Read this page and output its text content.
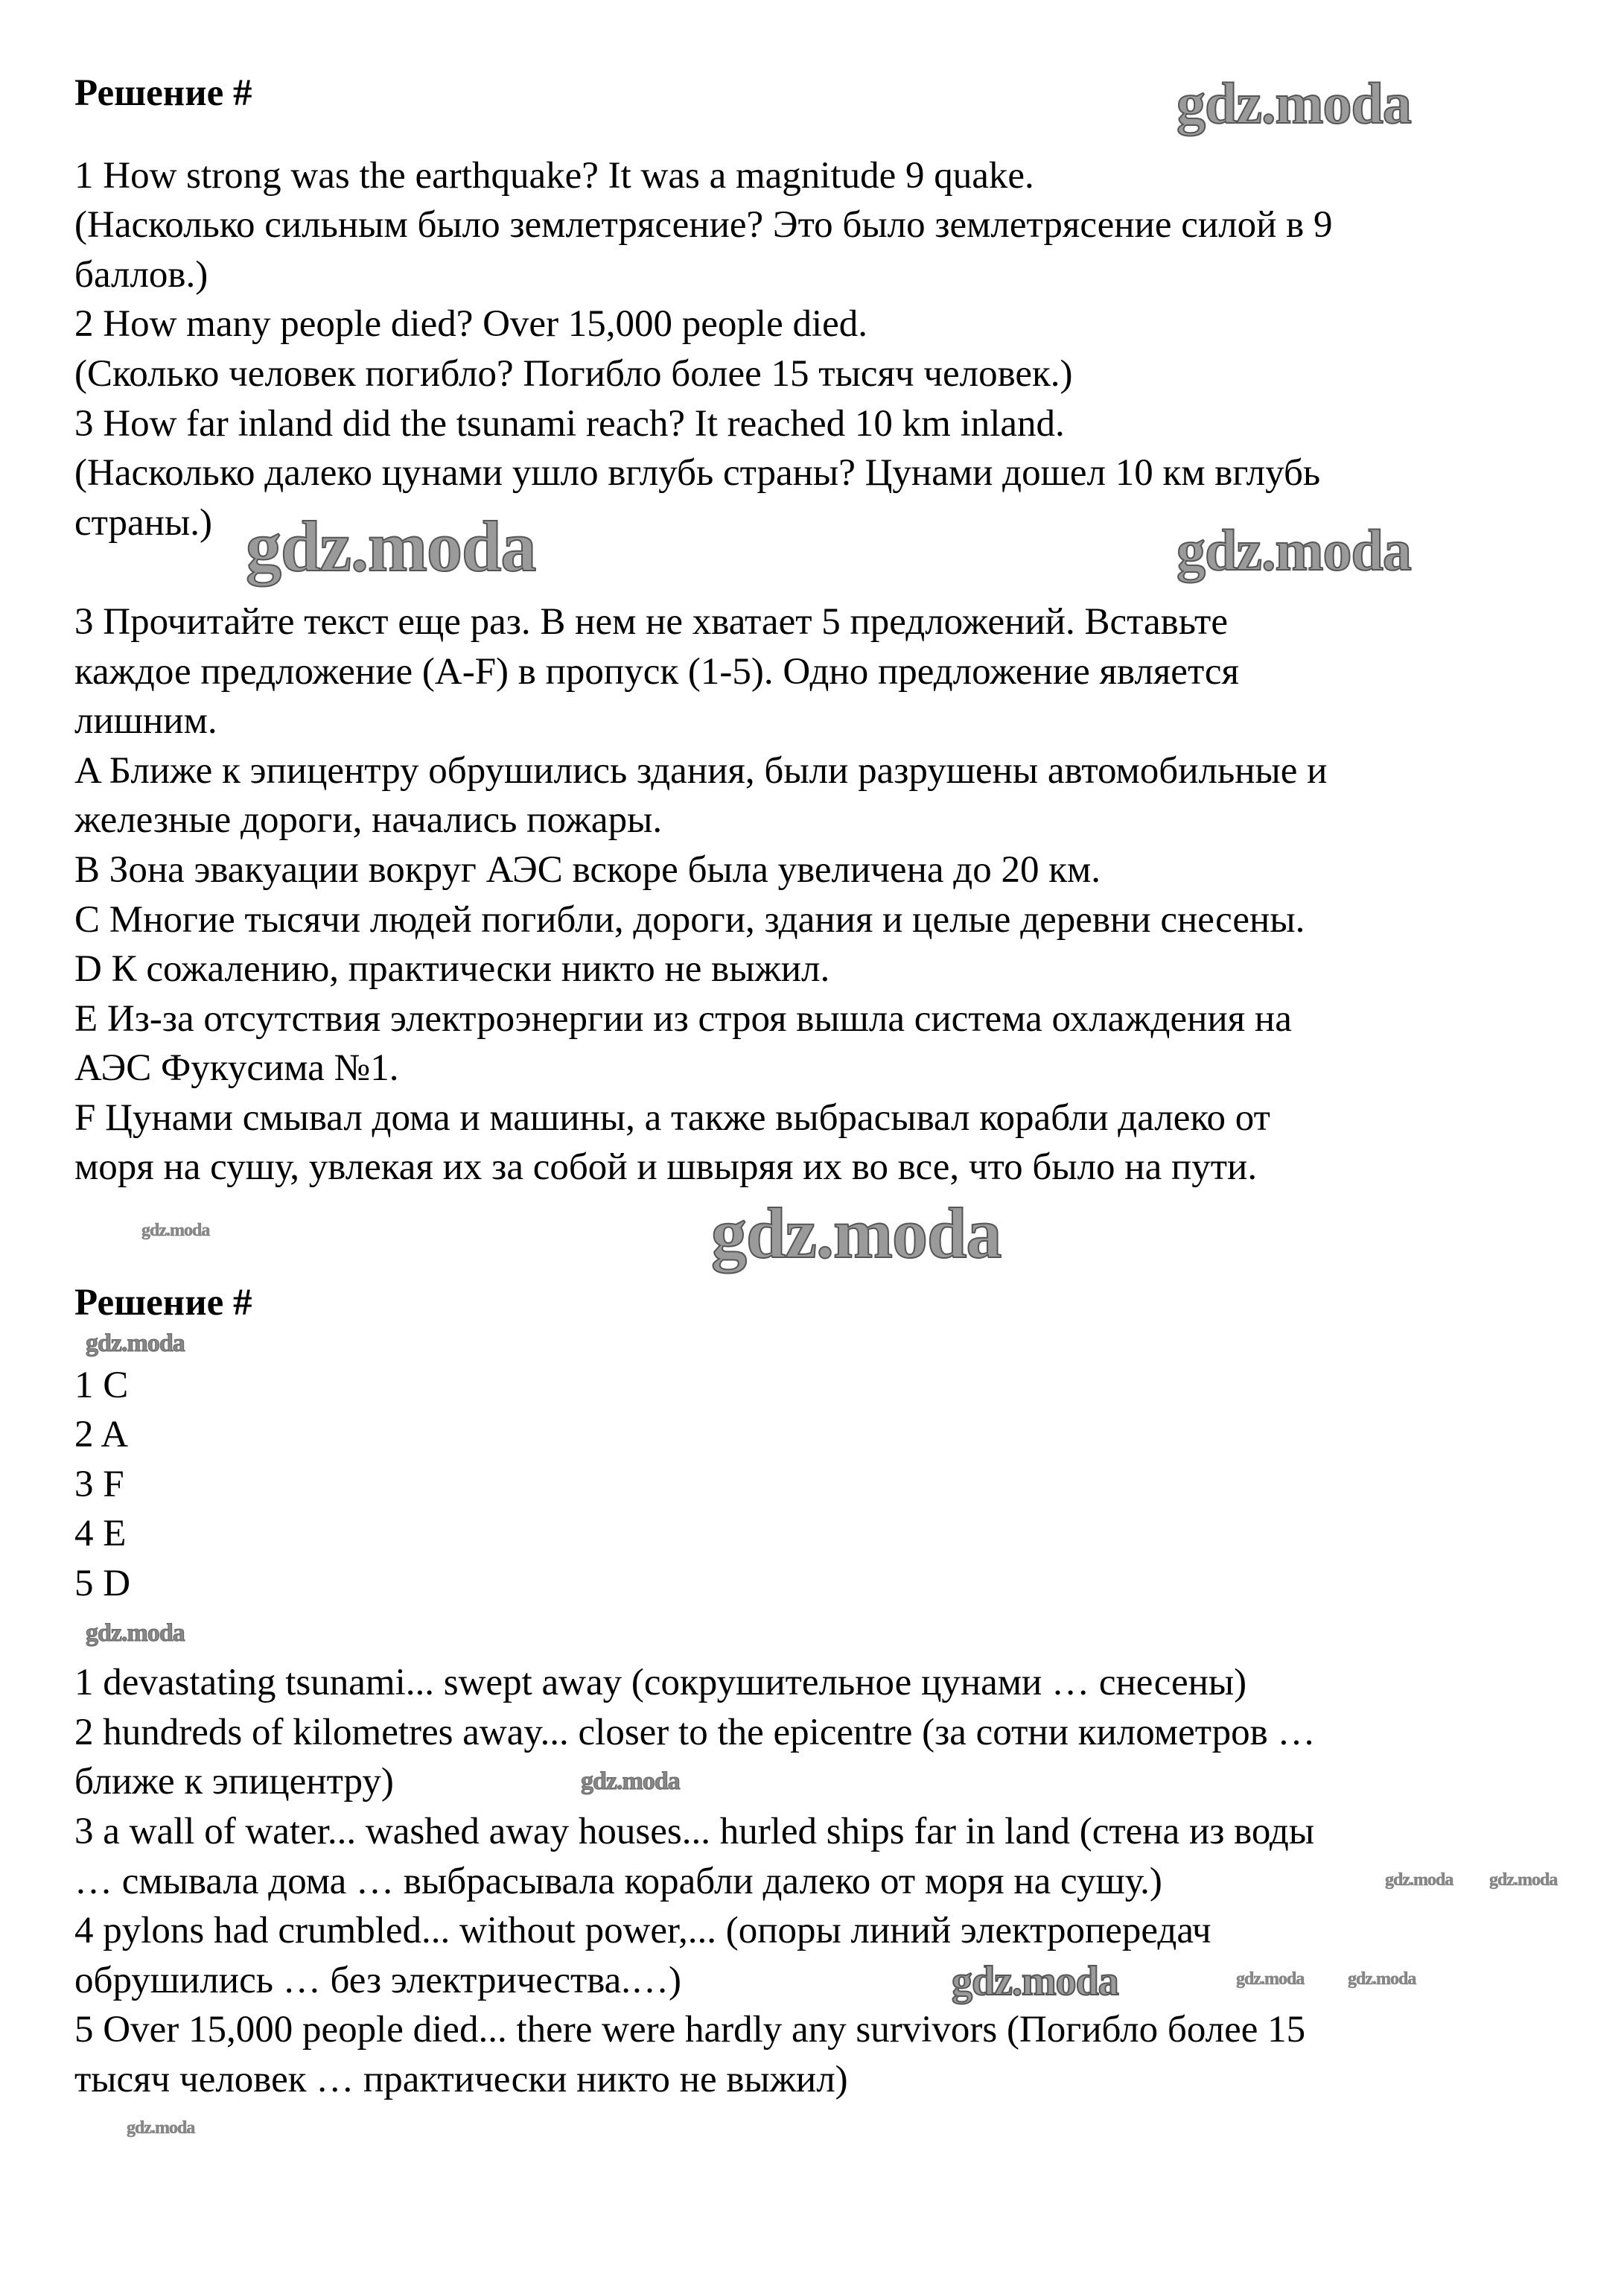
Решение #
1 How strong was the earthquake? It was a magnitude 9 quake.
(Насколько сильным было землетрясение? Это было землетрясение силой в 9
баллов.)
2 How many people died? Over 15,000 people died.
(Сколько человек погибло? Погибло более 15 тысяч человек.)
3 How far inland did the tsunami reach? It reached 10 km inland.
(Насколько далеко цунами ушло вглубь страны? Цунами дошел 10 км вглубь
страны.)
3 Прочитайте текст еще раз. В нем не хватает 5 предложений. Вставьте
каждое предложение (A-F) в пропуск (1-5). Одно предложение является
лишним.
A Ближе к эпицентру обрушились здания, были разрушены автомобильные и
железные дороги, начались пожары.
B Зона эвакуации вокруг АЭС вскоре была увеличена до 20 км.
C Многие тысячи людей погибли, дороги, здания и целые деревни снесены.
D К сожалению, практически никто не выжил.
E Из-за отсутствия электроэнергии из строя вышла система охлаждения на
АЭС Фукусима №1.
F Цунами смывал дома и машины, а также выбрасывал корабли далеко от
моря на сушу, увлекая их за собой и швыряя их во все, что было на пути.
Решение #
1 C
2 A
3 F
4 E
5 D
1 devastating tsunami... swept away (сокрушительное цунами … снесены)
2 hundreds of kilometres away... closer to the epicentre (за сотни километров …
ближе к эпицентру)
3 a wall of water... washed away houses... hurled ships far in land (стена из воды
… смывала дома … выбрасывала корабли далеко от моря на сушу.)
4 pylons had crumbled... without power,... (опоры линий электропередач
обрушились … без электричества.…)
5 Over 15,000 people died... there were hardly any survivors (Погибло более 15
тысяч человек … практически никто не выжил)
gdz.moda
gdz.moda	gdz.moda
gdz.moda	gdz.moda
gdz.moda
gdz.moda
gdz.moda
gdz.moda gdz.moda
gdz.moda	gdz.moda gdz.moda
gdz.moda
